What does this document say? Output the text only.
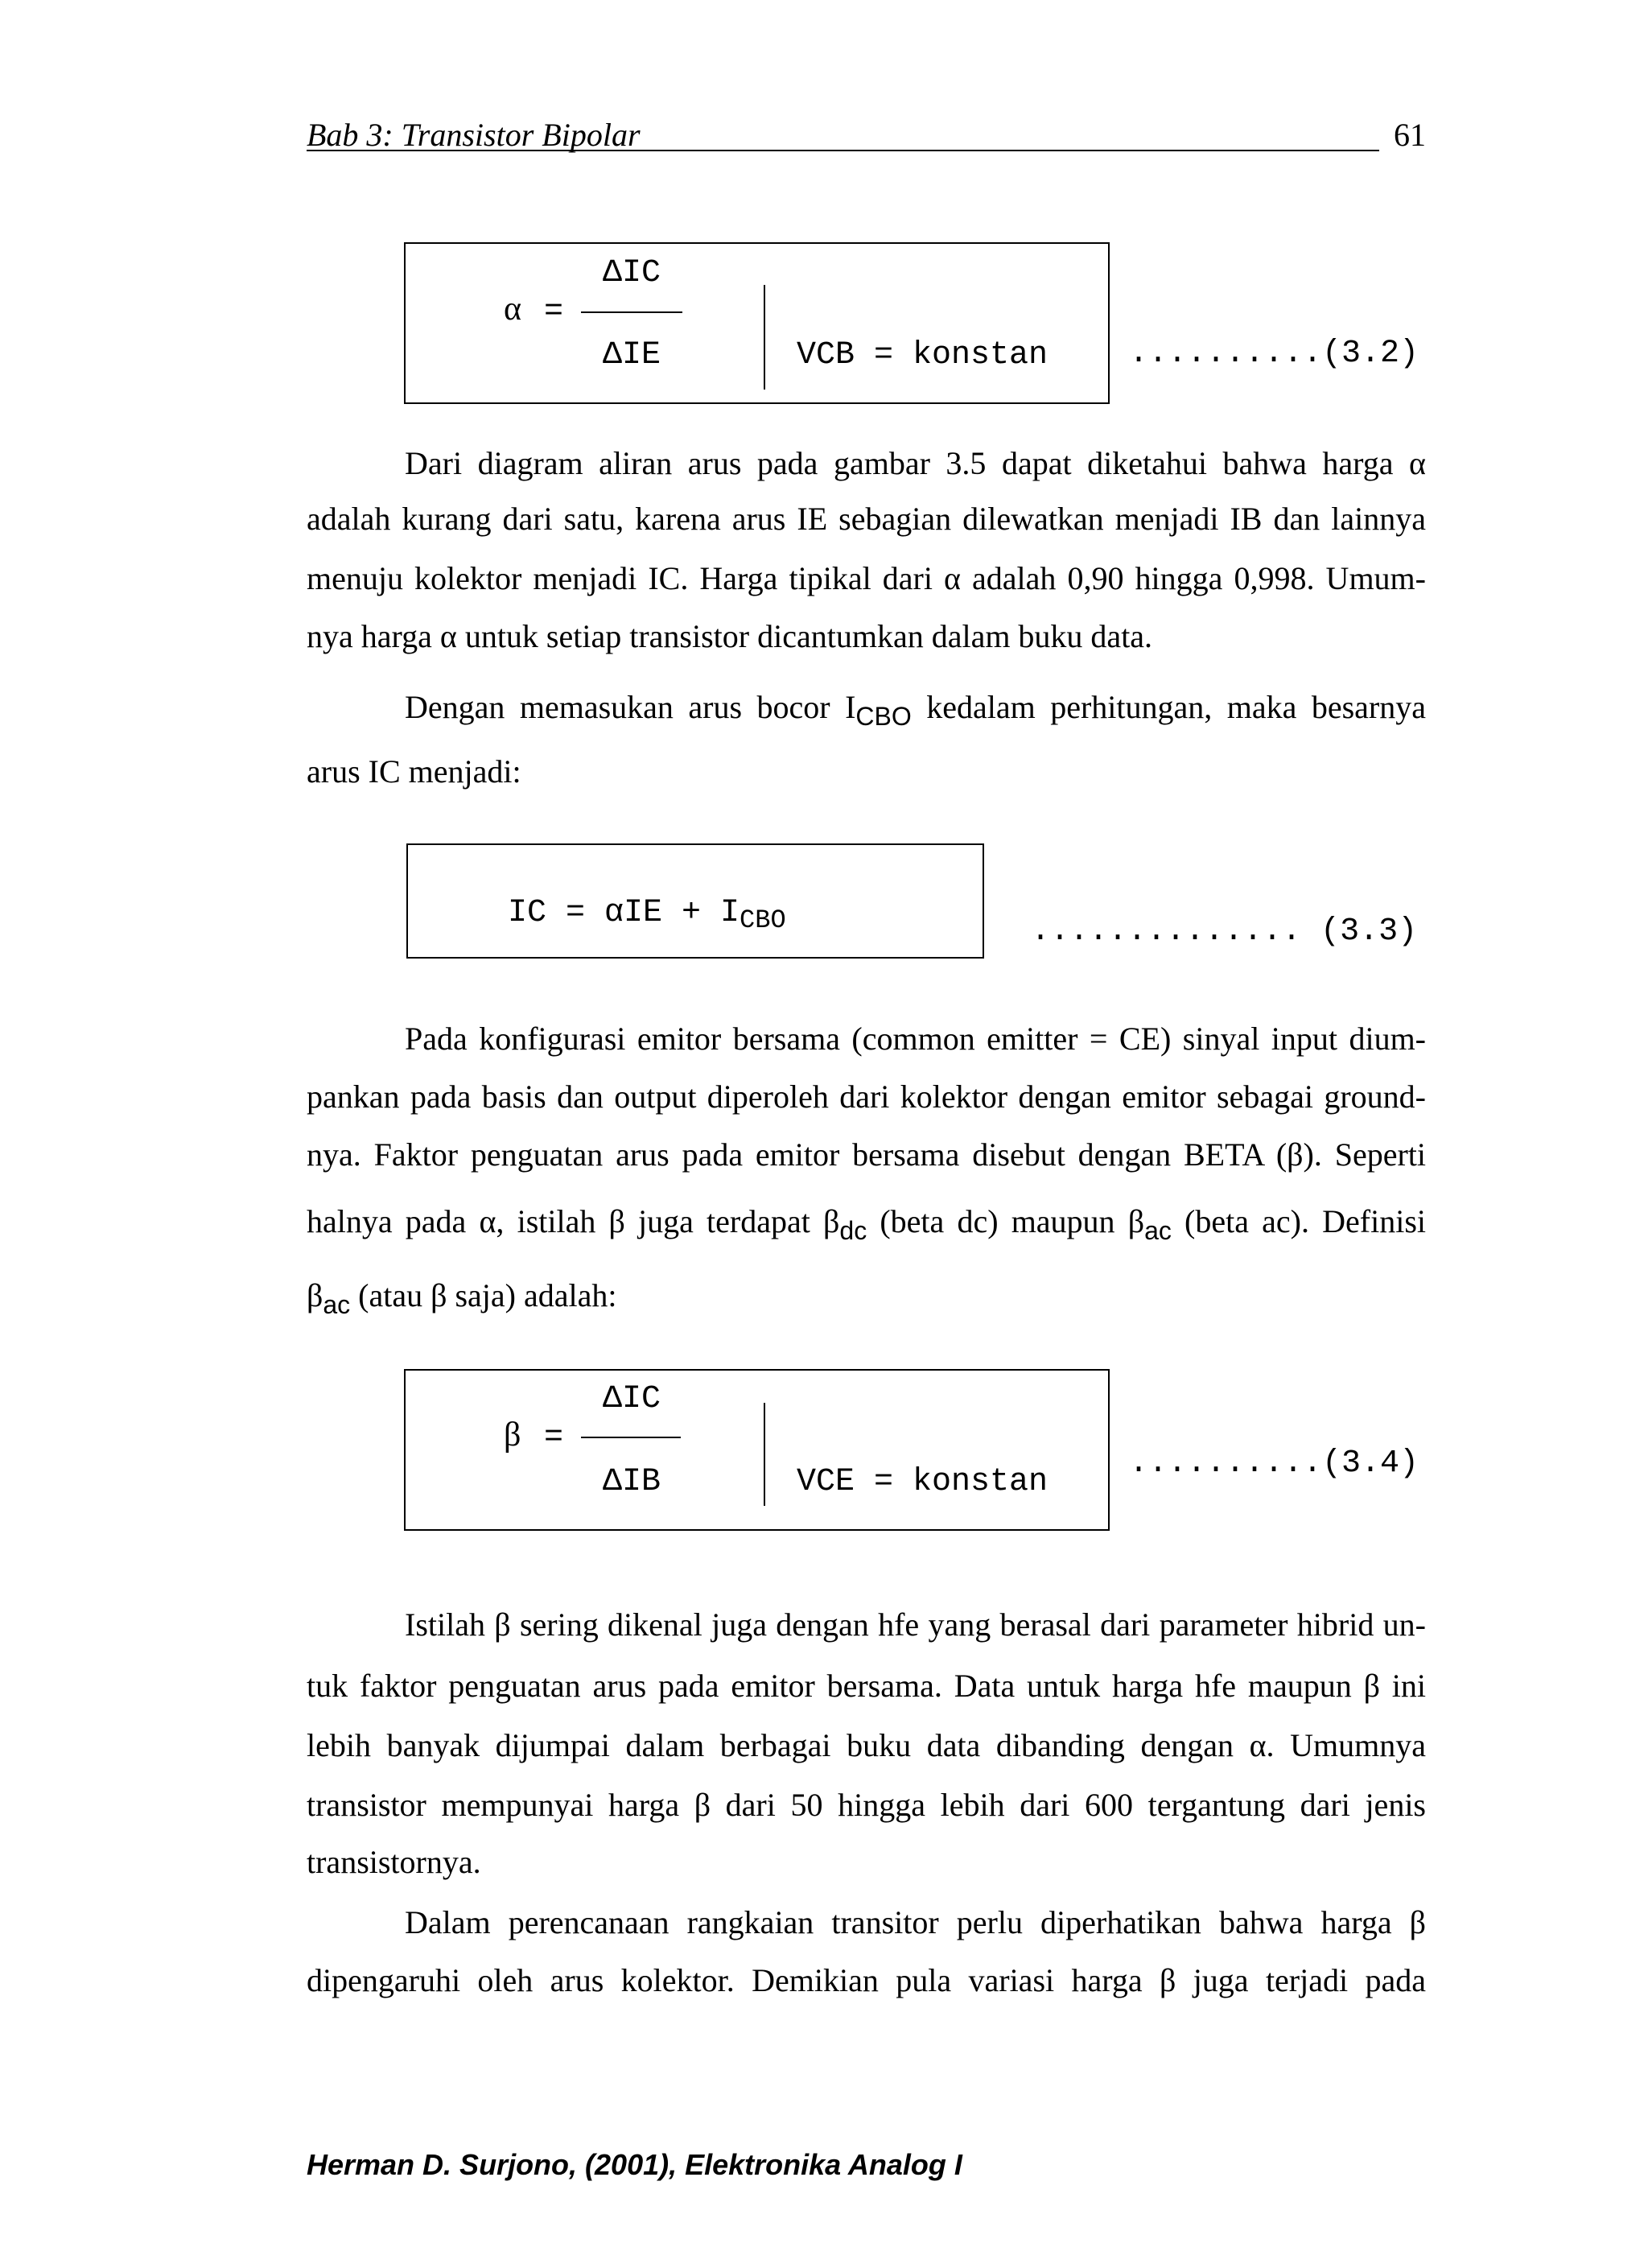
Bab 3: Transistor Bipolar	61
α =
ΔIC
ΔIE	VCB = konstan	..........(3.2)
Dari diagram aliran arus pada gambar 3.5 dapat diketahui bahwa harga α
adalah kurang dari satu, karena arus IE sebagian dilewatkan menjadi IB dan lainnya
menuju kolektor menjadi IC. Harga tipikal dari α adalah 0,90 hingga 0,998. Umum-
nya harga α untuk setiap transistor dicantumkan dalam buku data.
Dengan memasukan arus bocor $I_{CBO}$ kedalam perhitungan, maka besarnya
arus IC menjadi:
IC = $\alpha IE + I_{CBO}$	.............. (3.3)
Pada konfigurasi emitor bersama (common emitter = CE) sinyal input dium-
pankan pada basis dan output diperoleh dari kolektor dengan emitor sebagai ground-
nya. Faktor penguatan arus pada emitor bersama disebut dengan BETA (β). Seperti
halnya pada α, istilah β juga terdapat $\beta_{dc}$ (beta dc) maupun $\beta_{ac}$ (beta ac). Definisi
$\beta_{ac}$ (atau β saja) adalah:
β =
ΔIC
ΔIB	VCE = konstan
..........(3.4)
Istilah β sering dikenal juga dengan hfe yang berasal dari parameter hibrid un-
tuk faktor penguatan arus pada emitor bersama. Data untuk harga hfe maupun β ini
lebih banyak dijumpai dalam berbagai buku data dibanding dengan α. Umumnya
transistor mempunyai harga β dari 50 hingga lebih dari 600 tergantung dari jenis
transistornya.
Dalam perencanaan rangkaian transitor perlu diperhatikan bahwa harga β
dipengaruhi oleh arus kolektor. Demikian pula variasi harga β juga terjadi pada
Herman D. Surjono, (2001), Elektronika Analog I
